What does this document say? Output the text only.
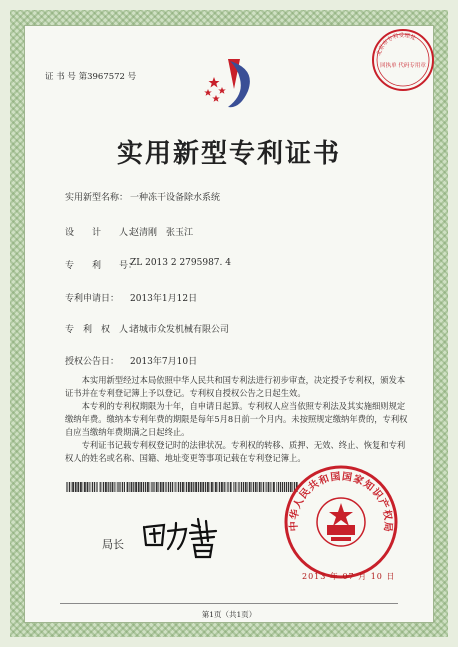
北京市专利受理处
回执单 代码专用章
证 书 号 第3967572 号
实用新型专利证书
实用新型名称： 一种冻干设备除水系统
设　　计　　人：
赵清刚　张玉江
专　　利　　号：
ZL 2013 2 2795987. 4
专利申请日： 2013年1月12日
专　利　权　人：
诸城市众发机械有限公司
授权公告日： 2013年7月10日

本实用新型经过本局依照中华人民共和国专利法进行初步审查，决定授予专利权，颁发本证书并在专利登记簿上予以登记。专利权自授权公告之日起生效。

本专利的专利权期限为十年，自申请日起算。专利权人应当依照专利法及其实施细则规定缴纳年费。缴纳本专利年费的期限是每年5月8日前一个月内。未按照规定缴纳年费的，专利权自应当缴纳年费期满之日起终止。

专利证书记载专利权登记时的法律状况。专利权的转移、质押、无效、终止、恢复和专利权人的姓名或名称、国籍、地址变更等事项记载在专利登记簿上。

局长
中华人民共和国国家知识产权局
2013 年 07 月 10 日
第1页（共1页）
